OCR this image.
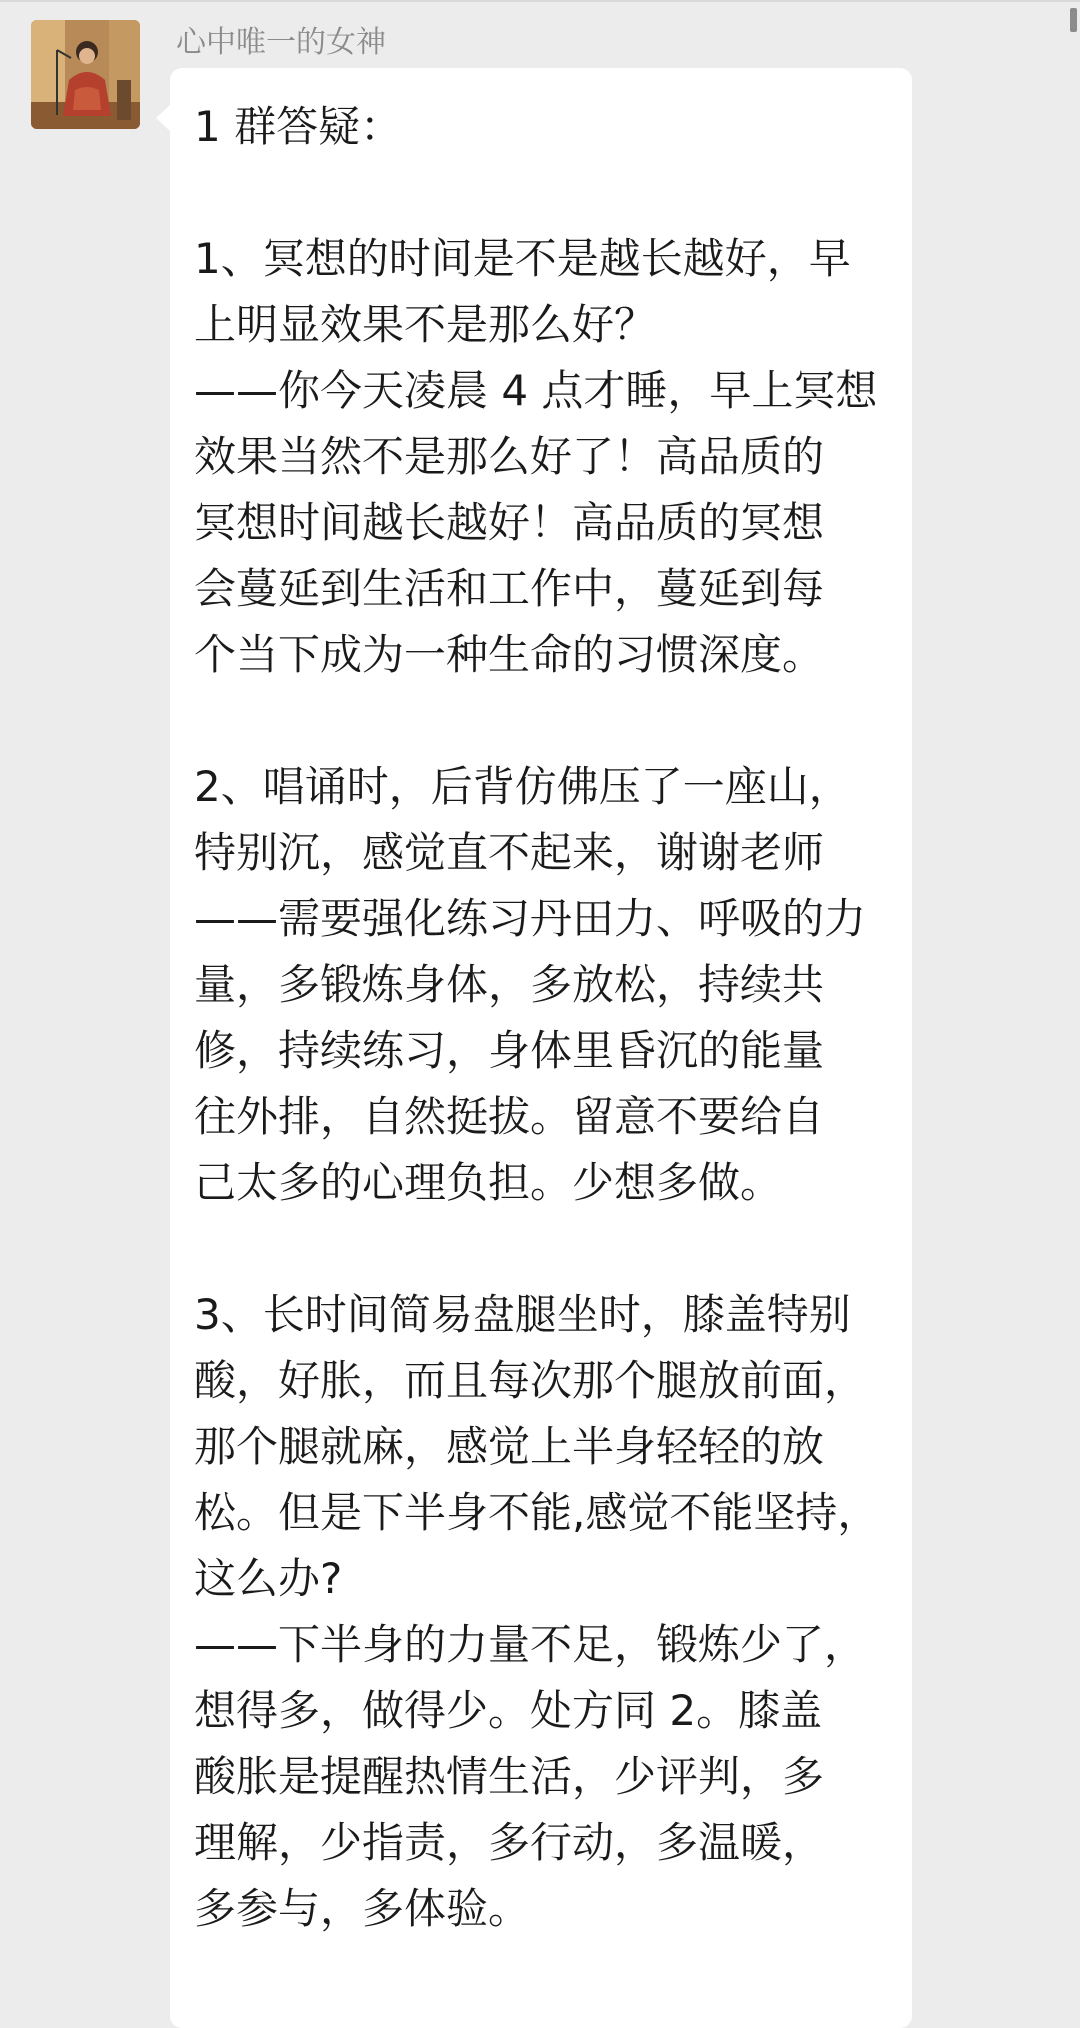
心中唯一的女神
1 群答疑：
1、冥想的时间是不是越长越好，早
上明显效果不是那么好？
——你今天凌晨 4 点才睡，早上冥想
效果当然不是那么好了！高品质的
冥想时间越长越好！高品质的冥想
会蔓延到生活和工作中，蔓延到每
个当下成为一种生命的习惯深度。
2、唱诵时，后背仿佛压了一座山，
特别沉，感觉直不起来，谢谢老师
——需要强化练习丹田力、呼吸的力
量，多锻炼身体，多放松，持续共
修，持续练习，身体里昏沉的能量
往外排，自然挺拔。留意不要给自
己太多的心理负担。少想多做。
3、长时间简易盘腿坐时，膝盖特别
酸，好胀，而且每次那个腿放前面，
那个腿就麻，感觉上半身轻轻的放
松。但是下半身不能,感觉不能坚持，
这么办?
——下半身的力量不足，锻炼少了，
想得多，做得少。处方同 2。膝盖
酸胀是提醒热情生活，少评判，多
理解，少指责，多行动，多温暖，
多参与，多体验。
